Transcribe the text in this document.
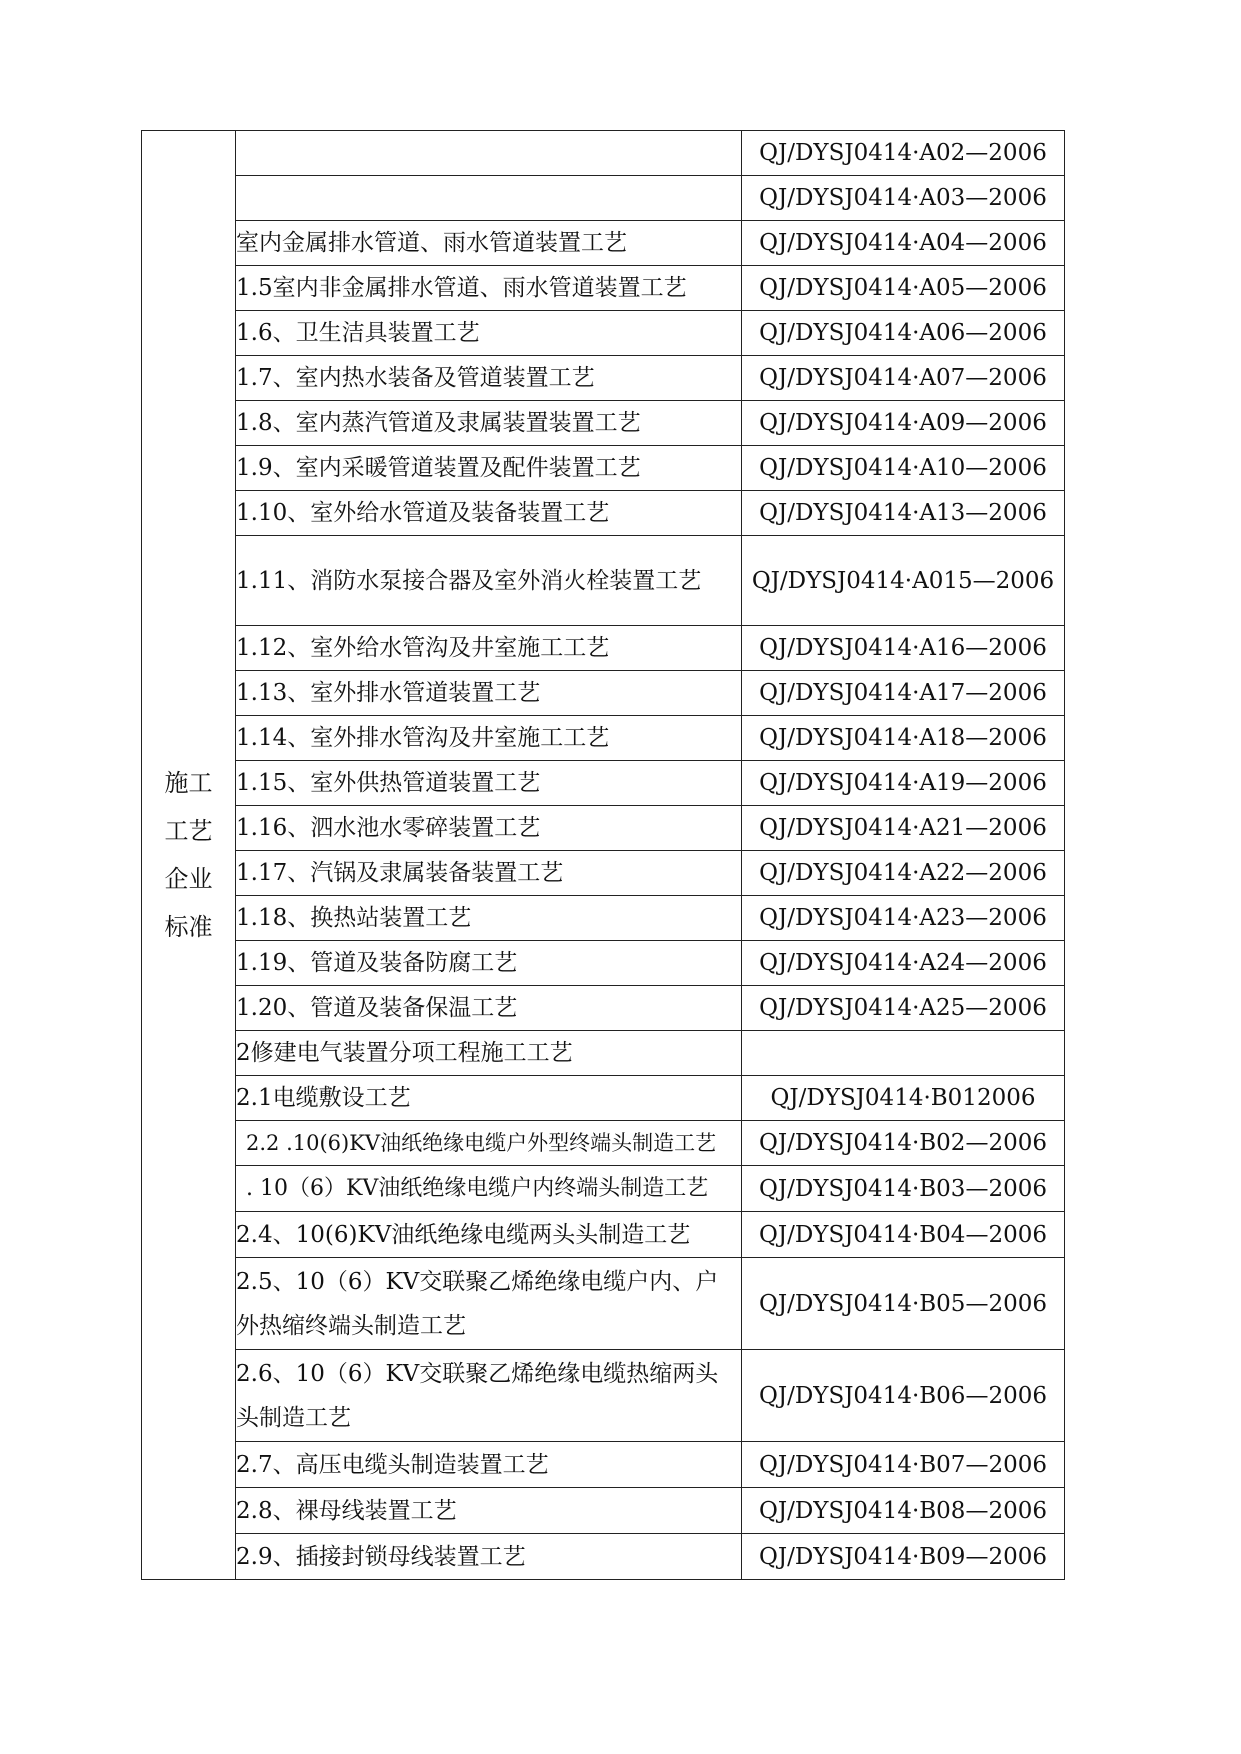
施工
工艺
企业
标准		QJ/DYSJ0414·A02—2006
		QJ/DYSJ0414·A03—2006
	室内金属排水管道、雨水管道装置工艺	QJ/DYSJ0414·A04—2006
	1.5室内非金属排水管道、雨水管道装置工艺	QJ/DYSJ0414·A05—2006
	1.6、卫生洁具装置工艺	QJ/DYSJ0414·A06—2006
	1.7、室内热水装备及管道装置工艺	QJ/DYSJ0414·A07—2006
	1.8、室内蒸汽管道及隶属装置装置工艺	QJ/DYSJ0414·A09—2006
	1.9、室内采暖管道装置及配件装置工艺	QJ/DYSJ0414·A10—2006
	1.10、室外给水管道及装备装置工艺	QJ/DYSJ0414·A13—2006
	1.11、消防水泵接合器及室外消火栓装置工艺	QJ/DYSJ0414·A015—2006
	1.12、室外给水管沟及井室施工工艺	QJ/DYSJ0414·A16—2006
	1.13、室外排水管道装置工艺	QJ/DYSJ0414·A17—2006
	1.14、室外排水管沟及井室施工工艺	QJ/DYSJ0414·A18—2006
	1.15、室外供热管道装置工艺	QJ/DYSJ0414·A19—2006
	1.16、泗水池水零碎装置工艺	QJ/DYSJ0414·A21—2006
	1.17、汽锅及隶属装备装置工艺	QJ/DYSJ0414·A22—2006
	1.18、换热站装置工艺	QJ/DYSJ0414·A23—2006
	1.19、管道及装备防腐工艺	QJ/DYSJ0414·A24—2006
	1.20、管道及装备保温工艺	QJ/DYSJ0414·A25—2006
	2修建电气装置分项工程施工工艺	
	2.1电缆敷设工艺	QJ/DYSJ0414·B012006
	2.2 .10(6)KV油纸绝缘电缆户外型终端头制造工艺	QJ/DYSJ0414·B02—2006
	. 10（6）KV油纸绝缘电缆户内终端头制造工艺	QJ/DYSJ0414·B03—2006
	2.4、10(6)KV油纸绝缘电缆两头头制造工艺	QJ/DYSJ0414·B04—2006
	2.5、10（6）KV交联聚乙烯绝缘电缆户内、户外热缩终端头制造工艺	QJ/DYSJ0414·B05—2006
	2.6、10（6）KV交联聚乙烯绝缘电缆热缩两头头制造工艺	QJ/DYSJ0414·B06—2006
	2.7、高压电缆头制造装置工艺	QJ/DYSJ0414·B07—2006
	2.8、裸母线装置工艺	QJ/DYSJ0414·B08—2006
	2.9、插接封锁母线装置工艺	QJ/DYSJ0414·B09—2006
